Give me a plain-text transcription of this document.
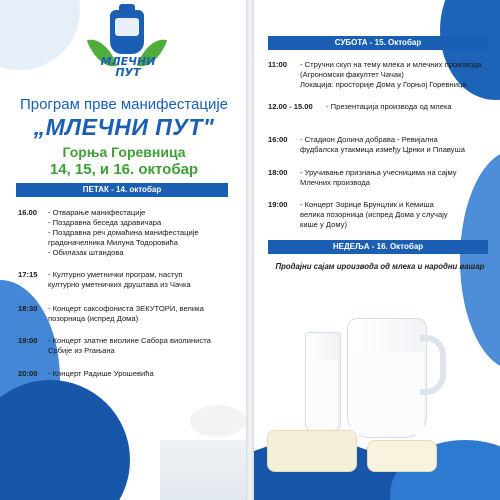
МЛЕЧНИ
ПУТ
Програм прве манифестације
„МЛЕЧНИ ПУТ"
Горња Горевница
14, 15, и 16. октобар
ПЕТАК - 14. октобар
16.00 - Отварање манифестације
- Поздравна беседа здравичара
- Поздравна реч домаћина манифестације
градоначелника Милуна Тодоровића
- Обилазак штандова
17:15 - Културно уметнички програм, наступ
културно уметничких друштава из Чачка
18:30 - Концерт саксофониста ЗЕКУТОРИ, велика
позорница (испред Дома)
19:00 - Концерт златне виолине Сабора виолиниста
Србије из Prањана
20:00 - Концерт Радише Урошевића
СУБОТА - 15. Октобар
11:00 - Стручни скуп на тему млека и млечних производа
(Агрономски факултет Чачак)
Локација: просторије Дома у Горњој Горевници
12.00 - 15.00 - Презентација производа од млека
16:00 - Стадион Долина добрава - Ревијална
фудбалска утакмица између Црнки и Плавуша
18:00 - Уручивање признања учесницима на сајму
Млечних производа
19:00 - Концерт Зорице Брунцлик и Кемиша
велика позорница (испред Дома у случају
кише у Дому)
НЕДЕЉА - 16. Октобар
Продајни сајам ироизвода од млека и народни вашар
